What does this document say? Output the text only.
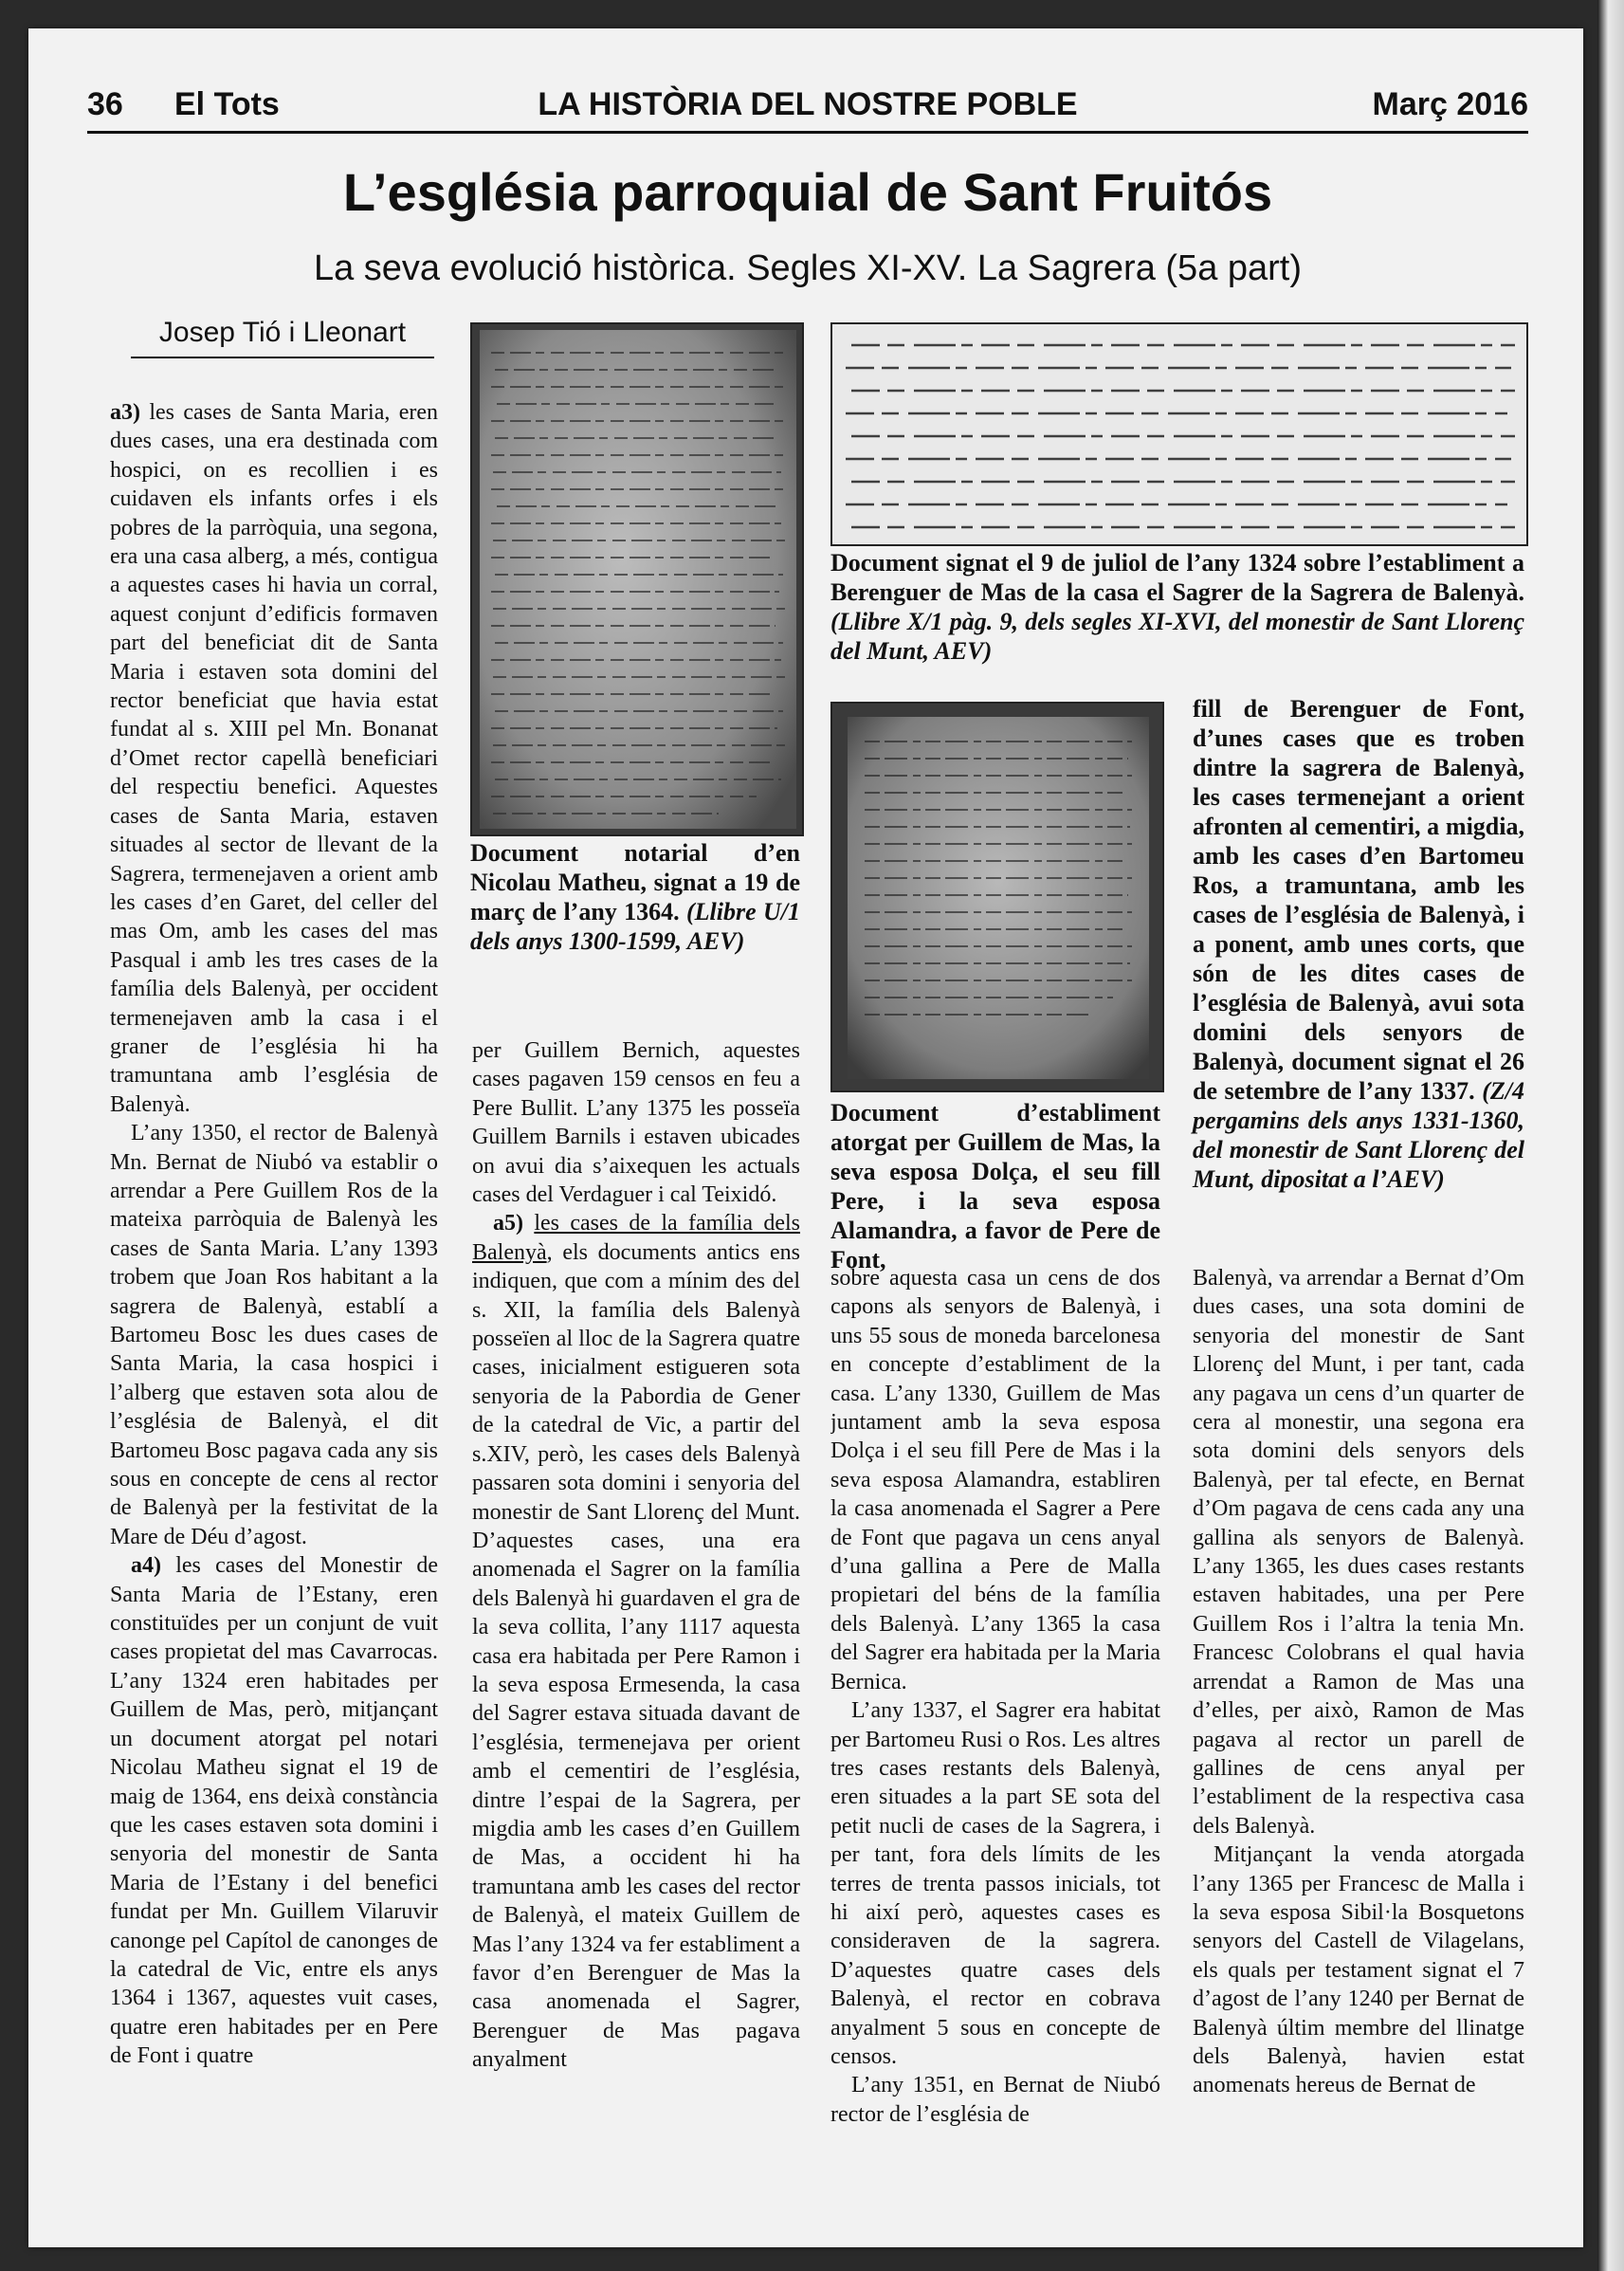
LA HISTÒRIA DEL NOSTRE POBLE
36 El Tots	Març 2016
L’església parroquial de Sant Fruitós
La seva evolució històrica. Segles XI-XV. La Sagrera (5a part)
Josep Tió i Lleonart

a3) les cases de Santa Maria, eren dues cases, una era destinada com hospici, on es recollien i es cuidaven els infants orfes i els pobres de la parròquia, una segona, era una casa alberg, a més, contigua a aquestes cases hi havia un corral, aquest conjunt d’edificis formaven part del beneficiat dit de Santa Maria i estaven sota domini del rector beneficiat que havia estat fundat al s. XIII pel Mn. Bonanat d’Omet rector capellà beneficiari del respectiu benefici. Aquestes cases de Santa Maria, estaven situades al sector de llevant de la Sagrera, termenejaven a orient amb les cases d’en Garet, del celler del mas Om, amb les cases del mas Pasqual i amb les tres cases de la família dels Balenyà, per occident termenejaven amb la casa i el graner de l’església hi ha tramuntana amb l’església de Balenyà.

L’any 1350, el rector de Balenyà Mn. Bernat de Niubó va establir o arrendar a Pere Guillem Ros de la mateixa parròquia de Balenyà les cases de Santa Maria. L’any 1393 trobem que Joan Ros habitant a la sagrera de Balenyà, establí a Bartomeu Bosc les dues cases de Santa Maria, la casa hospici i l’alberg que estaven sota alou de l’església de Balenyà, el dit Bartomeu Bosc pagava cada any sis sous en concepte de cens al rector de Balenyà per la festivitat de la Mare de Déu d’agost.

a4) les cases del Monestir de Santa Maria de l’Estany, eren constituïdes per un conjunt de vuit cases propietat del mas Cavarrocas. L’any 1324 eren habitades per Guillem de Mas, però, mitjançant un document atorgat pel notari Nicolau Matheu signat el 19 de maig de 1364, ens deixà constància que les cases estaven sota domini i senyoria del monestir de Santa Maria de l’Estany i del benefici fundat per Mn. Guillem Vilaruvir canonge pel Capítol de canonges de la catedral de Vic, entre els anys 1364 i 1367, aquestes vuit cases, quatre eren habitades per en Pere de Font i quatre

Document notarial d’en Nicolau Matheu, signat a 19 de març de l’any 1364. (Llibre U/1 dels anys 1300-1599, AEV)

per Guillem Bernich, aquestes cases pagaven 159 censos en feu a Pere Bullit. L’any 1375 les posseïa Guillem Barnils i estaven ubicades on avui dia s’aixequen les actuals cases del Verdaguer i cal Teixidó.

a5) les cases de la família dels Balenyà, els documents antics ens indiquen, que com a mínim des del s. XII, la família dels Balenyà posseïen al lloc de la Sagrera quatre cases, inicialment estigueren sota senyoria de la Pabordia de Gener de la catedral de Vic, a partir del s.XIV, però, les cases dels Balenyà passaren sota domini i senyoria del monestir de Sant Llorenç del Munt. D’aquestes cases, una era anomenada el Sagrer on la família dels Balenyà hi guardaven el gra de la seva collita, l’any 1117 aquesta casa era habitada per Pere Ramon i la seva esposa Ermesenda, la casa del Sagrer estava situada davant de l’església, termenejava per orient amb el cementiri de l’església, dintre l’espai de la Sagrera, per migdia amb les cases d’en Guillem de Mas, a occident hi ha tramuntana amb les cases del rector de Balenyà, el mateix Guillem de Mas l’any 1324 va fer establiment a favor d’en Berenguer de Mas la casa anomenada el Sagrer, Berenguer de Mas pagava anyalment

Document signat el 9 de juliol de l’any 1324 sobre l’establiment a Berenguer de Mas de la casa el Sagrer de la Sagrera de Balenyà. (Llibre X/1 pàg. 9, dels segles XI-XVI, del monestir de Sant Llorenç del Munt, AEV)
Document d’establiment atorgat per Guillem de Mas, la seva esposa Dolça, el seu fill Pere, i la seva esposa Alamandra, a favor de Pere de Font,
fill de Berenguer de Font, d’unes cases que es troben dintre la sagrera de Balenyà, les cases termenejant a orient afronten al cementiri, a migdia, amb les cases d’en Bartomeu Ros, a tramuntana, amb les cases de l’església de Balenyà, i a ponent, amb unes corts, que són de les dites cases de l’església de Balenyà, avui sota domini dels senyors de Balenyà, document signat el 26 de setembre de l’any 1337. (Z/4 pergamins dels anys 1331-1360, del monestir de Sant Llorenç del Munt, dipositat a l’AEV)

sobre aquesta casa un cens de dos capons als senyors de Balenyà, i uns 55 sous de moneda barcelonesa en concepte d’establiment de la casa. L’any 1330, Guillem de Mas juntament amb la seva esposa Dolça i el seu fill Pere de Mas i la seva esposa Alamandra, establiren la casa anomenada el Sagrer a Pere de Font que pagava un cens anyal d’una gallina a Pere de Malla propietari del béns de la família dels Balenyà. L’any 1365 la casa del Sagrer era habitada per la Maria Bernica.

L’any 1337, el Sagrer era habitat per Bartomeu Rusi o Ros. Les altres tres cases restants dels Balenyà, eren situades a la part SE sota del petit nucli de cases de la Sagrera, i per tant, fora dels límits de les terres de trenta passos inicials, tot hi així però, aquestes cases es consideraven de la sagrera. D’aquestes quatre cases dels Balenyà, el rector en cobrava anyalment 5 sous en concepte de censos.

L’any 1351, en Bernat de Niubó rector de l’església de

Balenyà, va arrendar a Bernat d’Om dues cases, una sota domini de senyoria del monestir de Sant Llorenç del Munt, i per tant, cada any pagava un cens d’un quarter de cera al monestir, una segona era sota domini dels senyors dels Balenyà, per tal efecte, en Bernat d’Om pagava de cens cada any una gallina als senyors de Balenyà. L’any 1365, les dues cases restants estaven habitades, una per Pere Guillem Ros i l’altra la tenia Mn. Francesc Colobrans el qual havia arrendat a Ramon de Mas una d’elles, per això, Ramon de Mas pagava al rector un parell de gallines de cens anyal per l’establiment de la respectiva casa dels Balenyà.

Mitjançant la venda atorgada l’any 1365 per Francesc de Malla i la seva esposa Sibil·la Bosquetons senyors del Castell de Vilagelans, els quals per testament signat el 7 d’agost de l’any 1240 per Bernat de Balenyà últim membre del llinatge dels Balenyà, havien estat anomenats hereus de Bernat de
